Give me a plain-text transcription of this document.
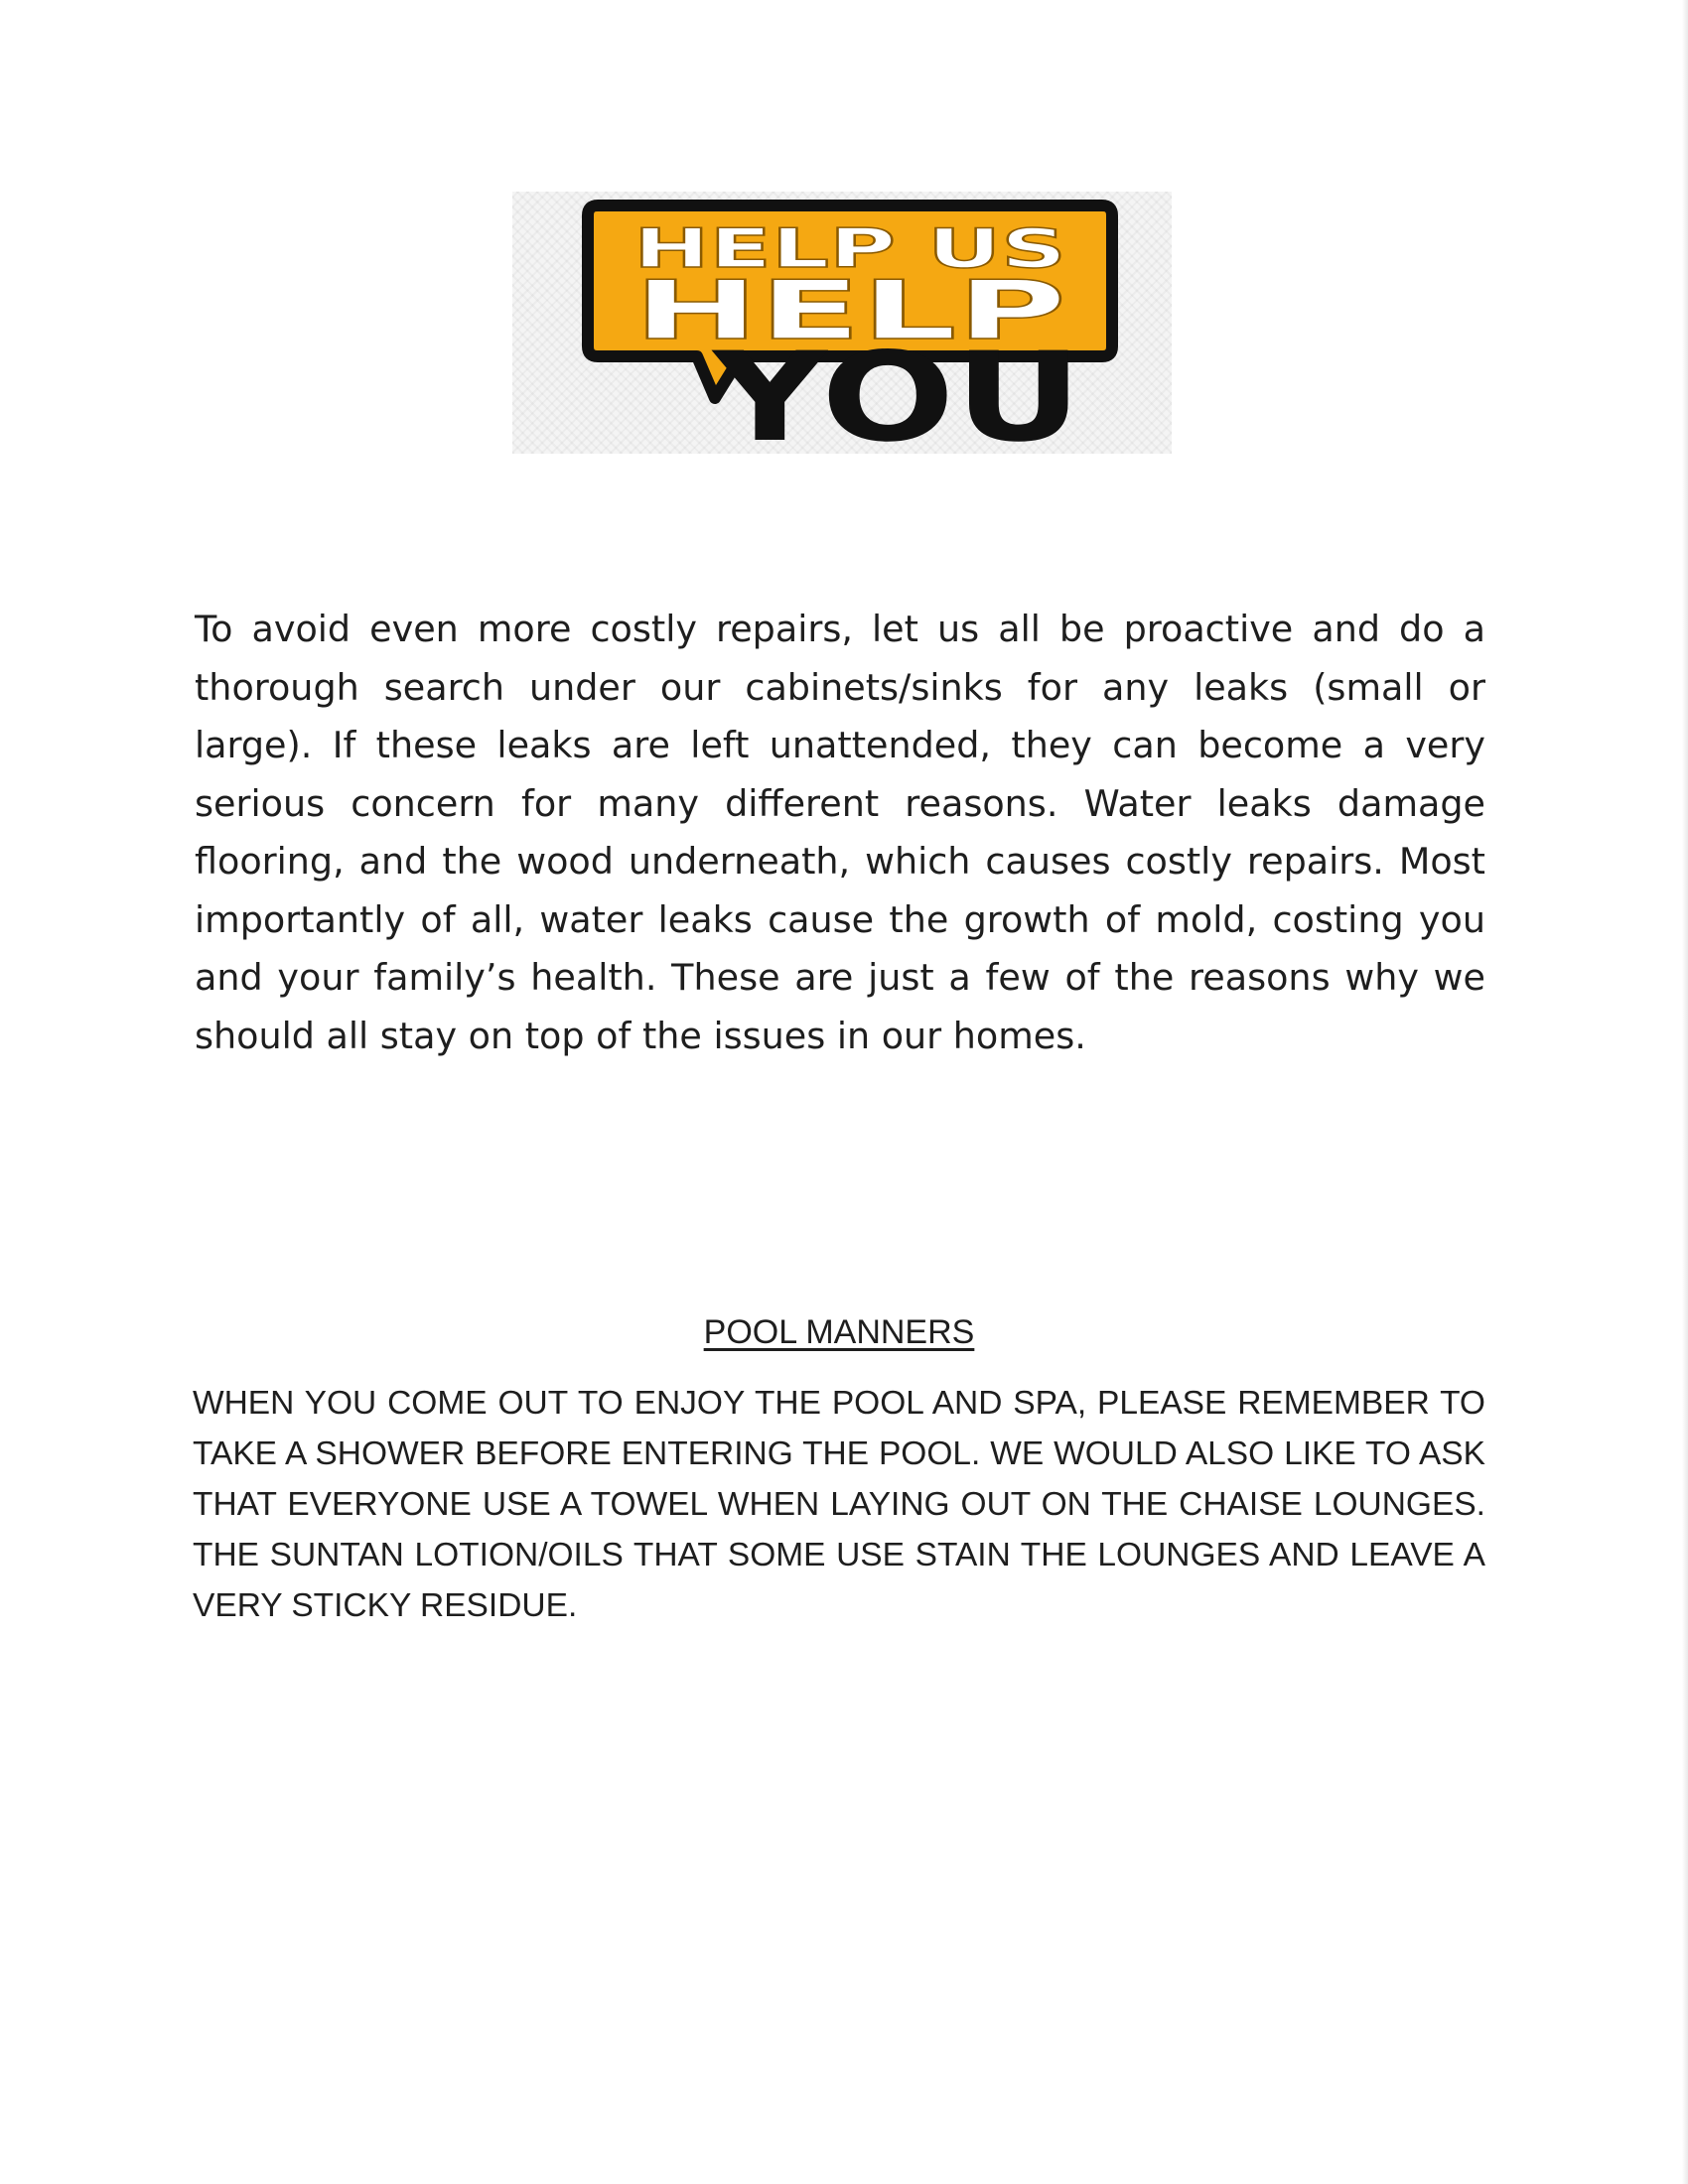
HELP US
HELP
YOU

To avoid even more costly repairs, let us all be proactive and do a thorough search under our cabinets/sinks for any leaks (small or large). If these leaks are left unattended, they can become a very serious concern for many different reasons. Water leaks damage flooring, and the wood underneath, which causes costly repairs. Most importantly of all, water leaks cause the growth of mold, costing you and your family’s health. These are just a few of the reasons why we should all stay on top of the issues in our homes.

POOL MANNERS

WHEN YOU COME OUT TO ENJOY THE POOL AND SPA, PLEASE REMEMBER TO TAKE A SHOWER BEFORE ENTERING THE POOL. WE WOULD ALSO LIKE TO ASK THAT EVERYONE USE A TOWEL WHEN LAYING OUT ON THE CHAISE LOUNGES. THE SUNTAN LOTION/OILS THAT SOME USE STAIN THE LOUNGES AND LEAVE A VERY STICKY RESIDUE.
